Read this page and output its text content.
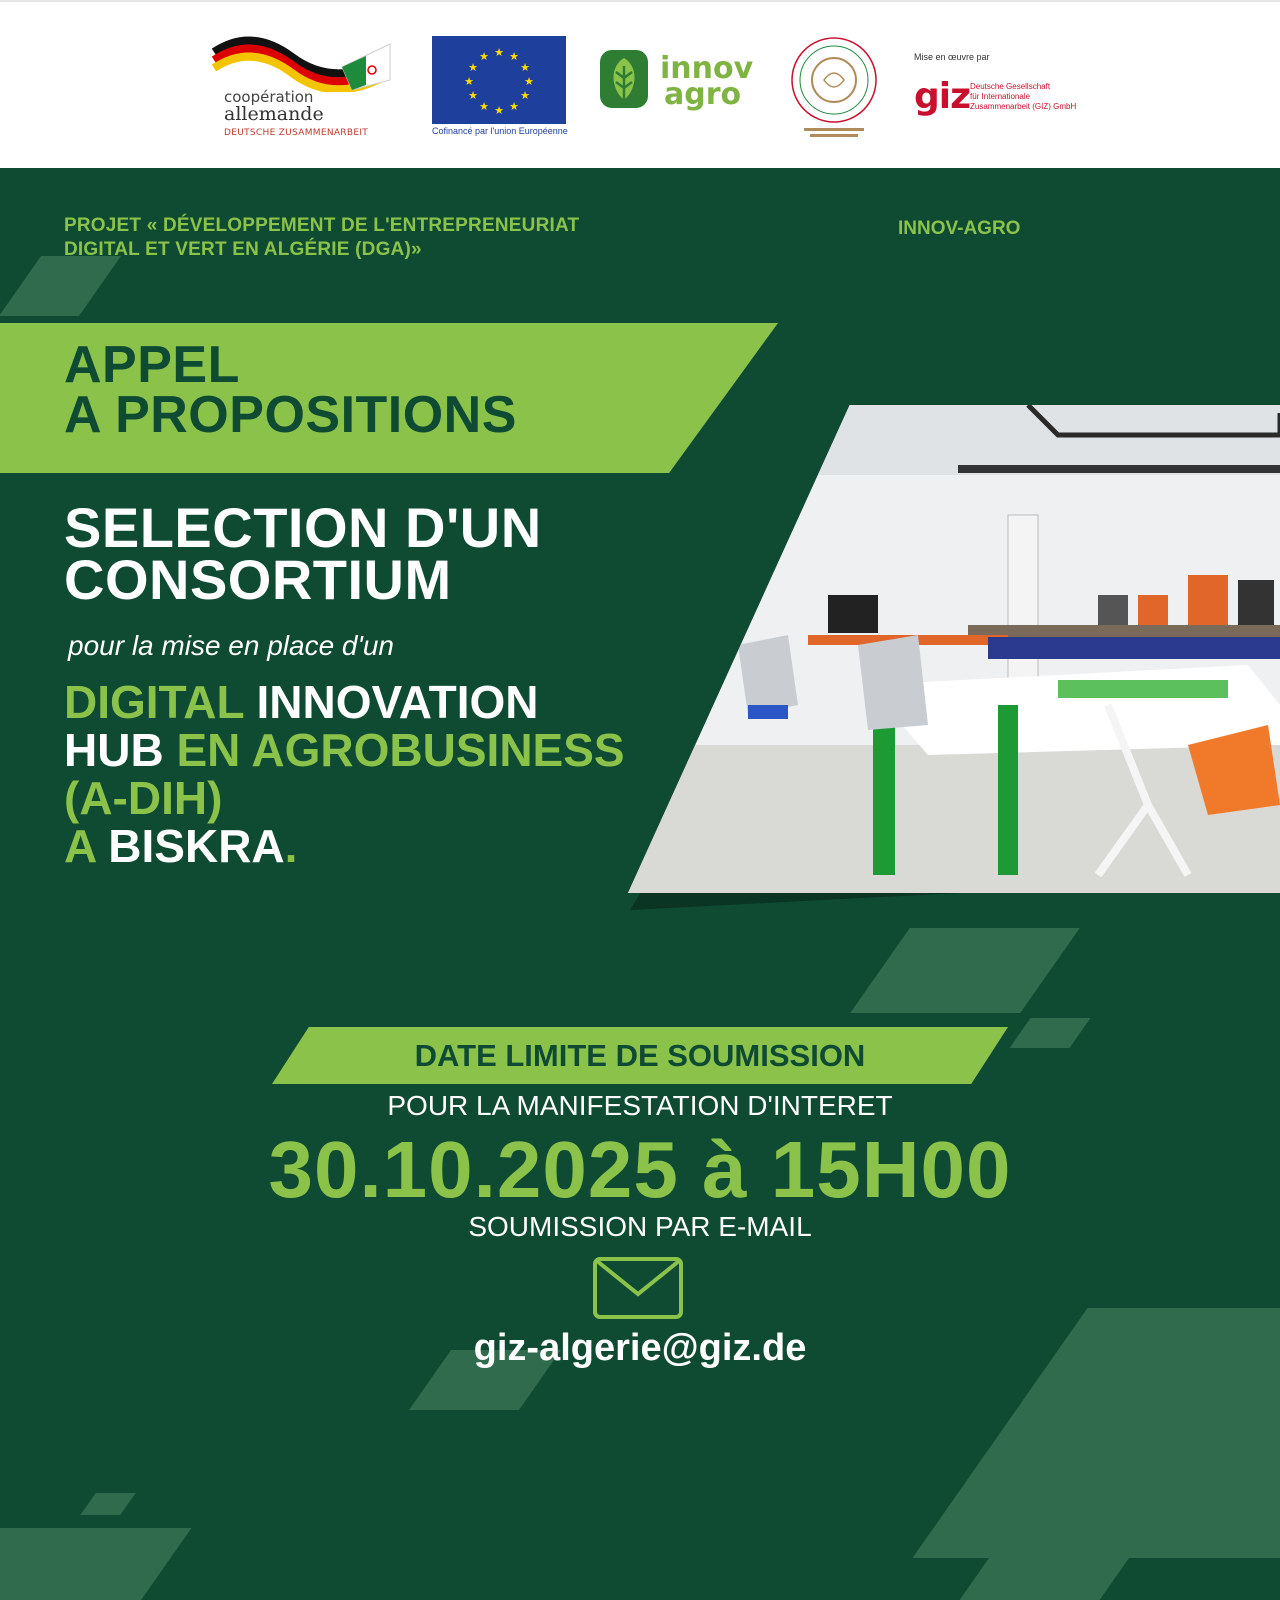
coopération
allemande
DEUTSCHE ZUSAMMENARBEIT
★ ★
★
★
★
★
★
★
★
★
★
★
Cofinancé par l'union Européenne
innov
agro
Mise en œuvre par
giz Deutsche Gesellschaft
für Internationale
Zusammenarbeit (GIZ) GmbH
PROJET « DÉVELOPPEMENT DE L'ENTREPRENEURIAT
DIGITAL ET VERT EN ALGÉRIE (DGA)»
INNOV-AGRO
APPEL
A PROPOSITIONS
SELECTION D'UN
CONSORTIUM
pour la mise en place d'un
DIGITAL INNOVATION
HUB EN AGROBUSINESS
(A-DIH)
A BISKRA.
DATE LIMITE DE SOUMISSION
POUR LA MANIFESTATION D'INTERET
30.10.2025 à 15H00
SOUMISSION PAR E-MAIL
giz-algerie@giz.de
